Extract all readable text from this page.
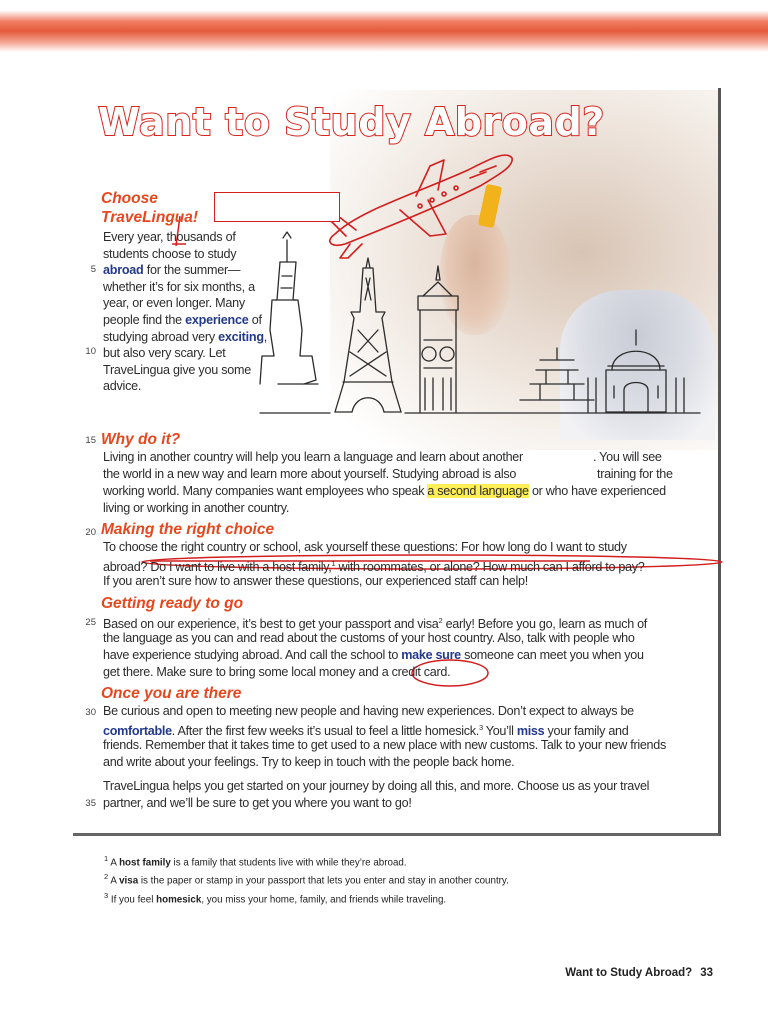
Want to Study Abroad?
Choose
TraveLingua!
Every year, thousands of students choose to study abroad for the summer— whether it’s for six months, a year, or even longer. Many people find the experience of studying abroad very exciting, but also very scary. Let TraveLingua give you some advice.
5
10
15
20
25
30
35
Why do it?
Living in another country will help you learn a language and learn about another	. You will see
the world in a new way and learn more about yourself. Studying abroad is also	training for the
working world. Many companies want employees who speak a second language or who have experienced
living or working in another country.
Making the right choice
To choose the right country or school, ask yourself these questions: For how long do I want to study
abroad? Do I want to live with a host family,$^1$ with roommates, or alone? How much can I afford to pay?
If you aren’t sure how to answer these questions, our experienced staff can help!
Getting ready to go
Based on our experience, it’s best to get your passport and visa$^2$ early! Before you go, learn as much of
the language as you can and read about the customs of your host country. Also, talk with people who
have experience studying abroad. And call the school to make sure someone can meet you when you
get there. Make sure to bring some local money and a credit card.
Once you are there
Be curious and open to meeting new people and having new experiences. Don’t expect to always be
comfortable. After the first few weeks it’s usual to feel a little homesick.$^3$ You’ll miss your family and
friends. Remember that it takes time to get used to a new place with new customs. Talk to your new friends
and write about your feelings. Try to keep in touch with the people back home.
TraveLingua helps you get started on your journey by doing all this, and more. Choose us as your travel
partner, and we’ll be sure to get you where you want to go!
$^1$ A host family is a family that students live with while they’re abroad.
$^2$ A visa is the paper or stamp in your passport that lets you enter and stay in another country.
$^3$ If you feel homesick, you miss your home, family, and friends while traveling.
Want to Study Abroad? 33
